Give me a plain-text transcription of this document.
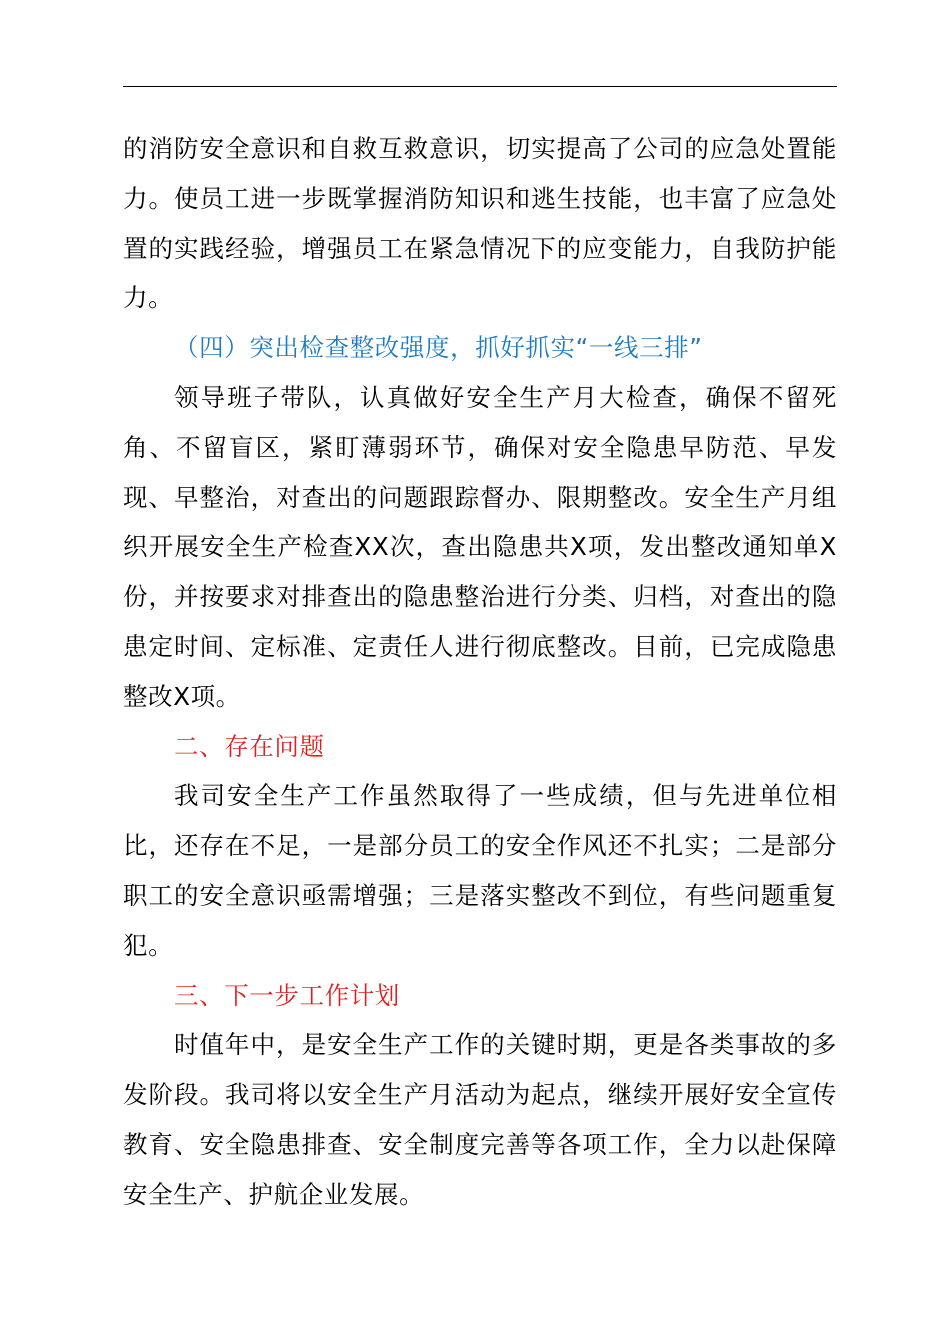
的消防安全意识和自救互救意识，切实提高了公司的应急处置能力。使员工进一步既掌握消防知识和逃生技能，也丰富了应急处置的实践经验，增强员工在紧急情况下的应变能力，自我防护能力。

（四）突出检查整改强度，抓好抓实“一线三排”

领导班子带队，认真做好安全生产月大检查，确保不留死角、不留盲区，紧盯薄弱环节，确保对安全隐患早防范、早发现、早整治，对查出的问题跟踪督办、限期整改。安全生产月组织开展安全生产检查XX次，查出隐患共X项，发出整改通知单X份，并按要求对排查出的隐患整治进行分类、归档，对查出的隐患定时间、定标准、定责任人进行彻底整改。目前，已完成隐患整改X项。

二、存在问题

我司安全生产工作虽然取得了一些成绩，但与先进单位相比，还存在不足，一是部分员工的安全作风还不扎实；二是部分职工的安全意识亟需增强；三是落实整改不到位，有些问题重复犯。

三、下一步工作计划

时值年中，是安全生产工作的关键时期，更是各类事故的多发阶段。我司将以安全生产月活动为起点，继续开展好安全宣传教育、安全隐患排查、安全制度完善等各项工作，全力以赴保障安全生产、护航企业发展。
